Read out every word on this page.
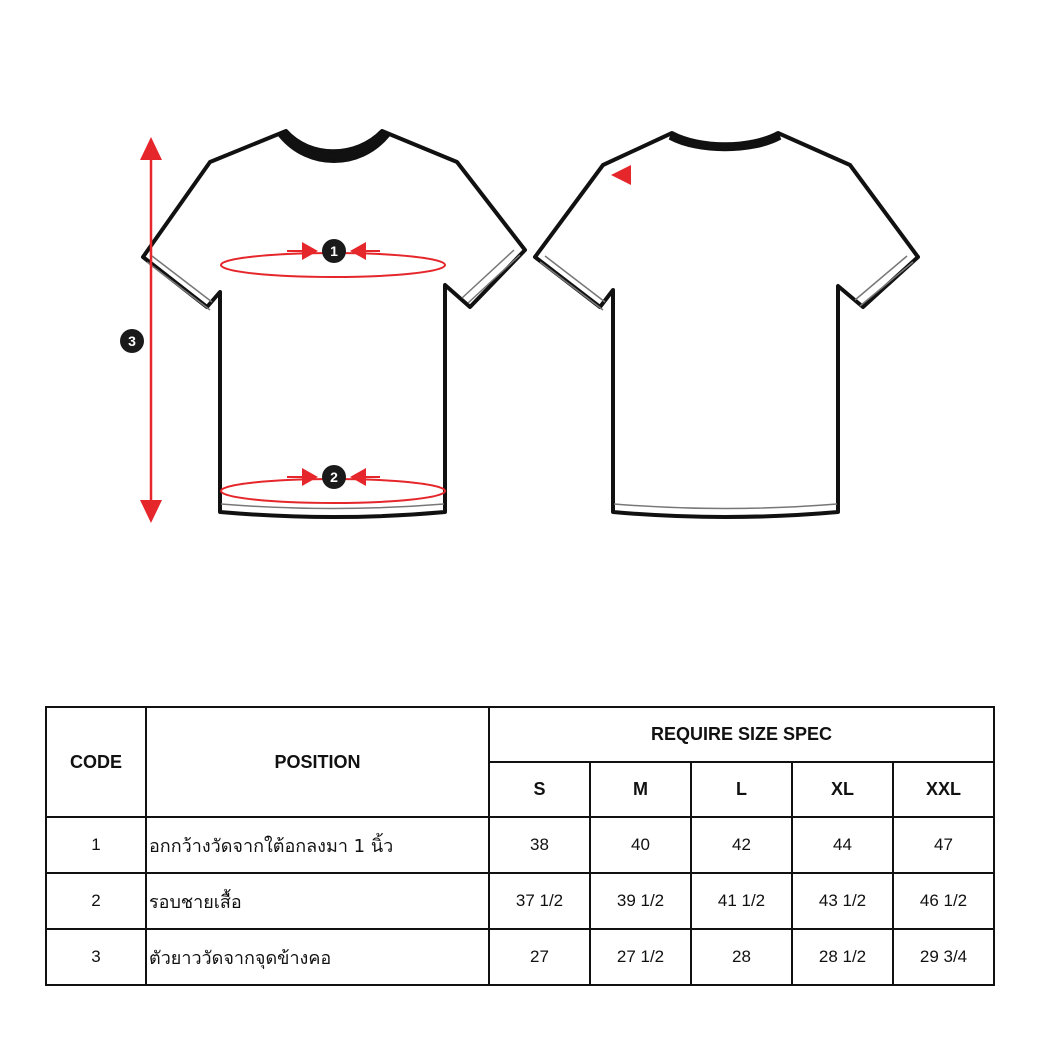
1
2
3
CODE	POSITION	REQUIRE SIZE SPEC				
		S	M	L	XL	XXL
1	อกกว้างวัดจากใต้อกลงมา 1 นิ้ว	38	40	42	44	47
2	รอบชายเสื้อ	37 1/2	39 1/2	41 1/2	43 1/2	46 1/2
3	ตัวยาววัดจากจุดข้างคอ	27	27 1/2	28	28 1/2	29 3/4
